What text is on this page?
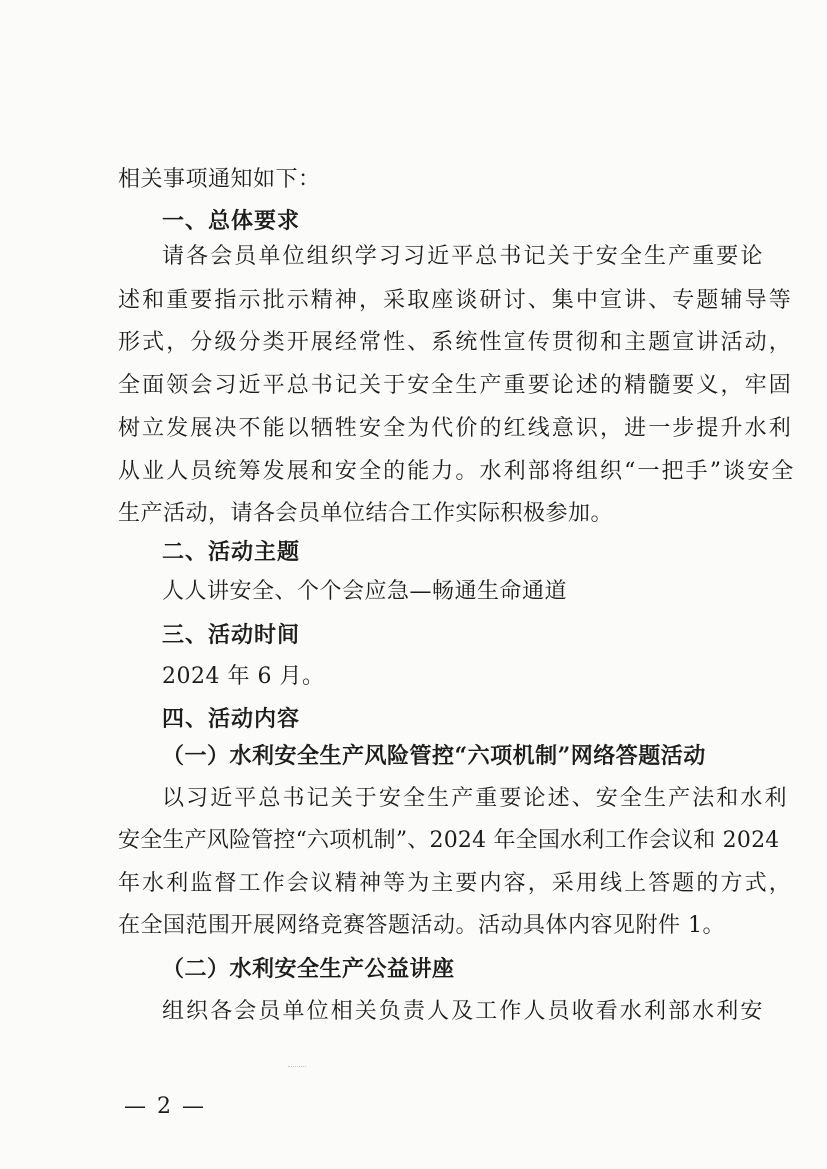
相关事项通知如下：
一、总体要求
请各会员单位组织学习习近平总书记关于安全生产重要论
述和重要指示批示精神，采取座谈研讨、集中宣讲、专题辅导等
形式，分级分类开展经常性、系统性宣传贯彻和主题宣讲活动，
全面领会习近平总书记关于安全生产重要论述的精髓要义，牢固
树立发展决不能以牺牲安全为代价的红线意识，进一步提升水利
从业人员统筹发展和安全的能力。水利部将组织“一把手”谈安全
生产活动，请各会员单位结合工作实际积极参加。
二、活动主题
人人讲安全、个个会应急—畅通生命通道
三、活动时间
2024 年 6 月。
四、活动内容
（一）水利安全生产风险管控“六项机制”网络答题活动
以习近平总书记关于安全生产重要论述、安全生产法和水利
安全生产风险管控“六项机制”、2024 年全国水利工作会议和 2024
年水利监督工作会议精神等为主要内容，采用线上答题的方式，
在全国范围开展网络竞赛答题活动。活动具体内容见附件 1。
（二）水利安全生产公益讲座
组织各会员单位相关负责人及工作人员收看水利部水利安
— 2 —
